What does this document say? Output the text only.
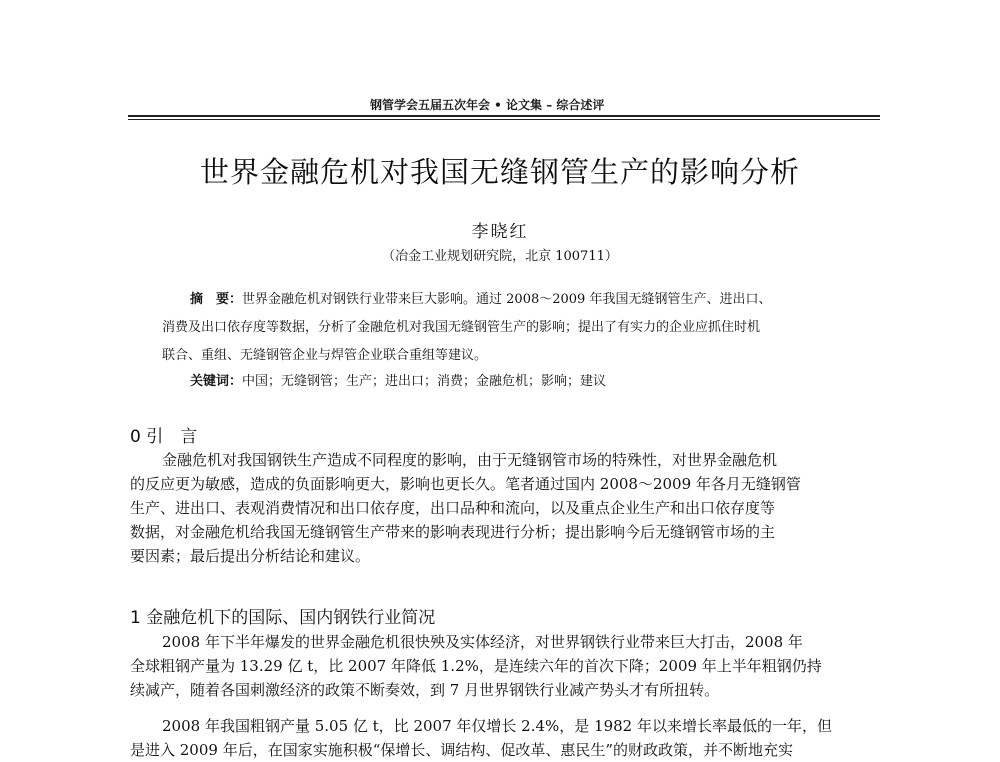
钢管学会五届五次年会 • 论文集 – 综合述评
世界金融危机对我国无缝钢管生产的影响分析
李晓红
（冶金工业规划研究院，北京 100711）
摘　要：世界金融危机对钢铁行业带来巨大影响。通过 2008～2009 年我国无缝钢管生产、进出口、
消费及出口依存度等数据，分析了金融危机对我国无缝钢管生产的影响；提出了有实力的企业应抓住时机
联合、重组、无缝钢管企业与焊管企业联合重组等建议。
关键词：中国；无缝钢管；生产；进出口；消费；金融危机；影响；建议
0 引　言
金融危机对我国钢铁生产造成不同程度的影响，由于无缝钢管市场的特殊性，对世界金融危机
的反应更为敏感，造成的负面影响更大，影响也更长久。笔者通过国内 2008～2009 年各月无缝钢管
生产、进出口、表观消费情况和出口依存度，出口品种和流向，以及重点企业生产和出口依存度等
数据，对金融危机给我国无缝钢管生产带来的影响表现进行分析；提出影响今后无缝钢管市场的主
要因素；最后提出分析结论和建议。
1 金融危机下的国际、国内钢铁行业简况
2008 年下半年爆发的世界金融危机很快殃及实体经济，对世界钢铁行业带来巨大打击，2008 年
全球粗钢产量为 13.29 亿 t，比 2007 年降低 1.2%，是连续六年的首次下降；2009 年上半年粗钢仍持
续减产，随着各国刺激经济的政策不断奏效，到 7 月世界钢铁行业减产势头才有所扭转。
2008 年我国粗钢产量 5.05 亿 t，比 2007 年仅增长 2.4%，是 1982 年以来增长率最低的一年，但
是进入 2009 年后，在国家实施积极“保增长、调结构、促改革、惠民生”的财政政策，并不断地充实
